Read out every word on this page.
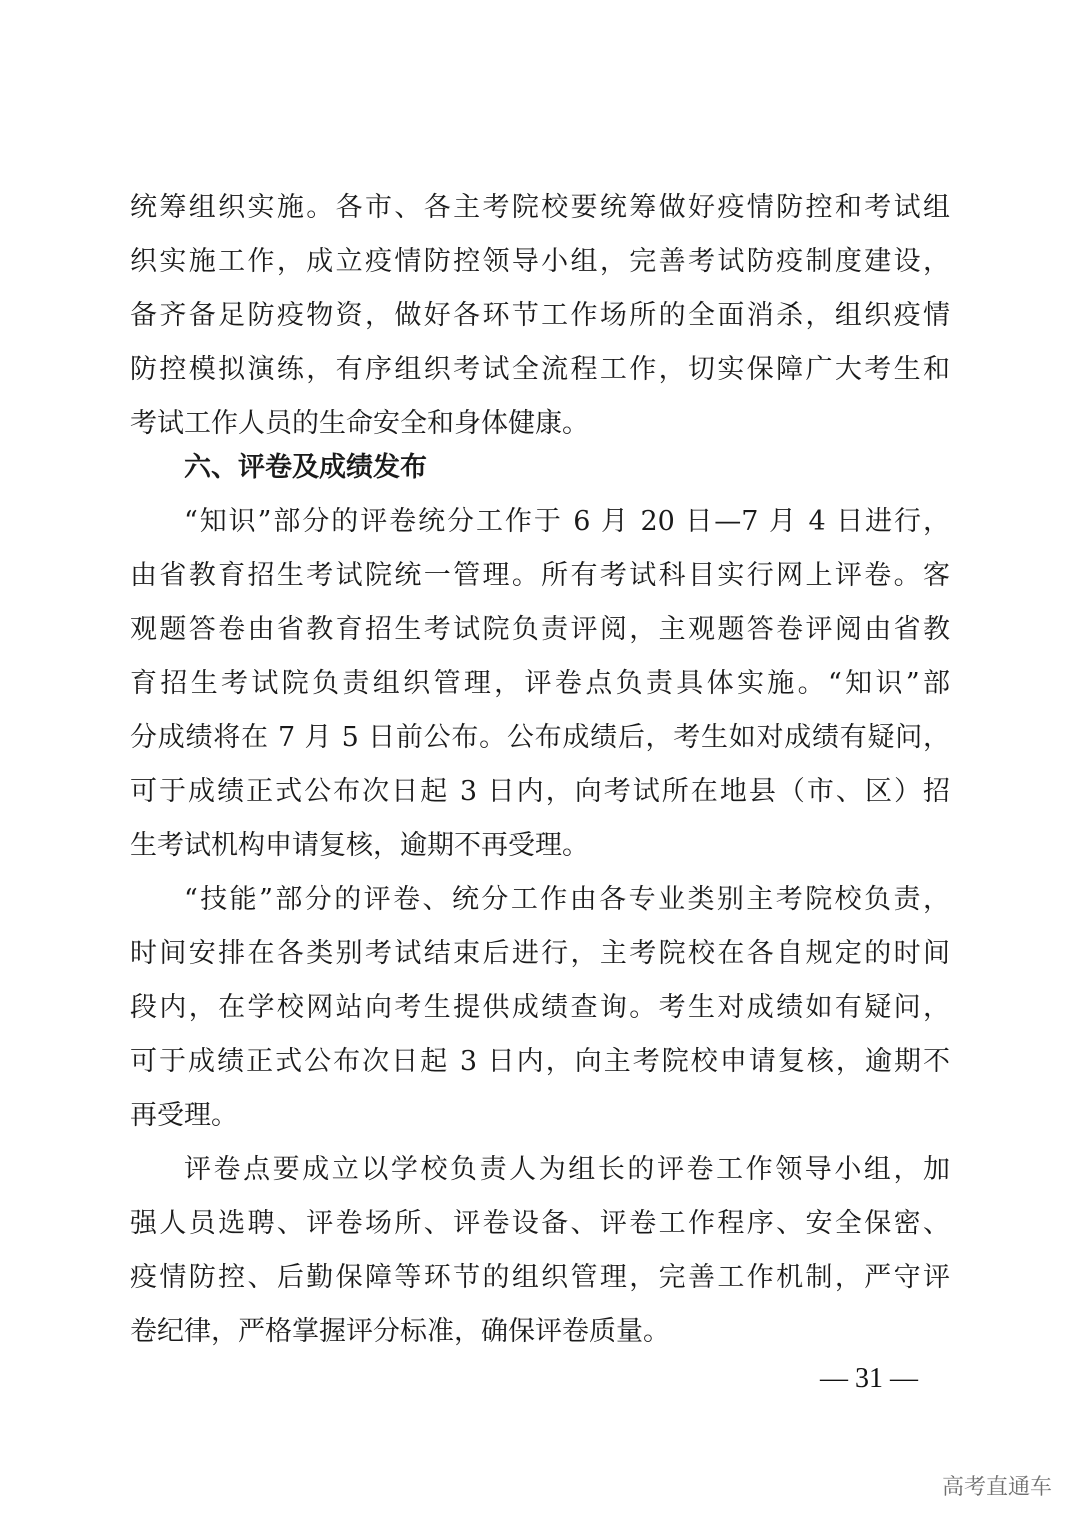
统筹组织实施。各市、各主考院校要统筹做好疫情防控和考试组
织实施工作，成立疫情防控领导小组，完善考试防疫制度建设，
备齐备足防疫物资，做好各环节工作场所的全面消杀，组织疫情
防控模拟演练，有序组织考试全流程工作，切实保障广大考生和
考试工作人员的生命安全和身体健康。
六、评卷及成绩发布
“知识”部分的评卷统分工作于 6 月 20 日—7 月 4 日进行，
由省教育招生考试院统一管理。所有考试科目实行网上评卷。客
观题答卷由省教育招生考试院负责评阅，主观题答卷评阅由省教
育招生考试院负责组织管理，评卷点负责具体实施。“知识”部
分成绩将在 7 月 5 日前公布。公布成绩后，考生如对成绩有疑问，
可于成绩正式公布次日起 3 日内，向考试所在地县（市、区）招
生考试机构申请复核，逾期不再受理。
“技能”部分的评卷、统分工作由各专业类别主考院校负责，
时间安排在各类别考试结束后进行，主考院校在各自规定的时间
段内，在学校网站向考生提供成绩查询。考生对成绩如有疑问，
可于成绩正式公布次日起 3 日内，向主考院校申请复核，逾期不
再受理。
评卷点要成立以学校负责人为组长的评卷工作领导小组，加
强人员选聘、评卷场所、评卷设备、评卷工作程序、安全保密、
疫情防控、后勤保障等环节的组织管理，完善工作机制，严守评
卷纪律，严格掌握评分标准，确保评卷质量。
— 31 —
高考直通车
